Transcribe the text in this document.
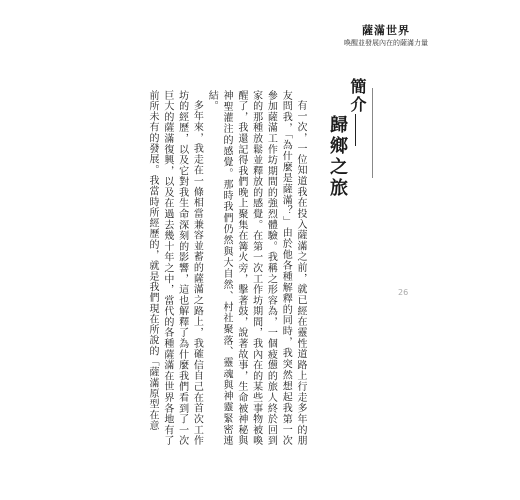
薩滿世界
喚醒並發展內在的薩滿力量
簡介
歸鄉之旅
26

有一次，一位知道我在投入薩滿之前，就已經在靈性道路上行走多年的朋友問我，「為什麼是薩滿？」由於他各種解釋的同時，我突然想起我第一次參加薩滿工作坊期間的強烈體驗。我稱之形容為，一個疲憊的旅人終於回到家的那種放鬆並釋放的感覺。在第一次工作坊期間，我內在的某些事物被喚醒了，我還記得我們晚上聚集在篝火旁，擊著鼓，說著故事，生命被神秘與神聖灌注的感覺。那時我們仍然與大自然、村社聚落、靈魂與神靈緊密連結。

多年來，我走在一條相當兼容並蓄的薩滿之路上，我確信自己在首次工作坊的經歷，以及它對我生命深刻的影響，這也解釋了為什麼我們看到了一次巨大的薩滿復興，以及在過去幾十年之中，當代的各種薩滿在世界各地有了前所未有的發展。我當時所經歷的，就是我們現在所說的「薩滿原型在意
